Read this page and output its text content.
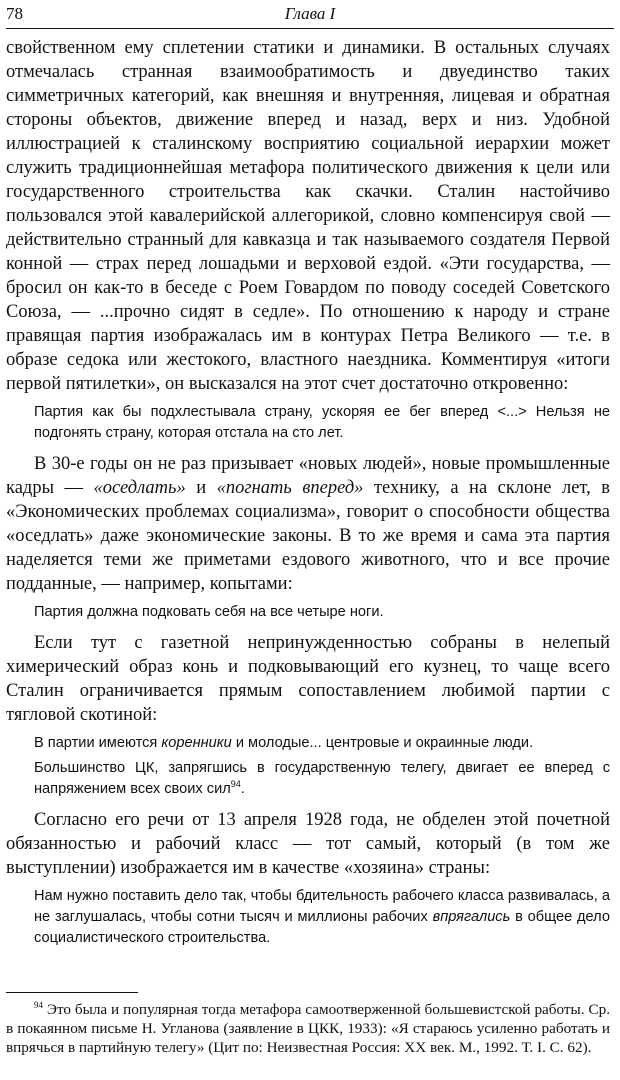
78	Глава I

свойственном ему сплетении статики и динамики. В остальных случаях отмечалась странная взаимообратимость и двуединство таких симметричных категорий, как внешняя и внутренняя, лицевая и обратная стороны объектов, движение вперед и назад, верх и низ. Удобной иллюстрацией к сталинскому восприятию социальной иерархии может служить традиционнейшая метафора политического движения к цели или государственного строительства как скачки. Сталин настойчиво пользовался этой кавалерийской аллегорикой, словно компенсируя свой — действительно странный для кавказца и так называемого создателя Первой конной — страх перед лошадьми и верховой ездой. «Эти государства, — бросил он как-то в беседе с Роем Говардом по поводу соседей Советского Союза, — ...прочно сидят в седле». По отношению к народу и стране правящая партия изображалась им в контурах Петра Великого — т.е. в образе седока или жестокого, властного наездника. Комментируя «итоги первой пятилетки», он высказался на этот счет достаточно откровенно:

Партия как бы подхлестывала страну, ускоряя ее бег вперед <...> Нельзя не подгонять страну, которая отстала на сто лет.

В 30-е годы он не раз призывает «новых людей», новые промышленные кадры — «оседлать» и «погнать вперед» технику, а на склоне лет, в «Экономических проблемах социализма», говорит о способности общества «оседлать» даже экономические законы. В то же время и сама эта партия наделяется теми же приметами ездового животного, что и все прочие подданные, — например, копытами:

Партия должна подковать себя на все четыре ноги.

Если тут с газетной непринужденностью собраны в нелепый химерический образ конь и подковывающий его кузнец, то чаще всего Сталин ограничивается прямым сопоставлением любимой партии с тягловой скотиной:

В партии имеются коренники и молодые... центровые и окраинные люди.

Большинство ЦК, запрягшись в государственную телегу, двигает ее вперед с напряжением всех своих сил$^{94}$.

Согласно его речи от 13 апреля 1928 года, не обделен этой почетной обязанностью и рабочий класс — тот самый, который (в том же выступлении) изображается им в качестве «хозяина» страны:

Нам нужно поставить дело так, чтобы бдительность рабочего класса развивалась, а не заглушалась, чтобы сотни тысяч и миллионы рабочих впрягались в общее дело социалистического строительства.

$^{94}$ Это была и популярная тогда метафора самоотверженной большевистской работы. Ср. в покаянном письме Н. Угланова (заявление в ЦКК, 1933): «Я стараюсь усиленно работать и впрячься в партийную телегу» (Цит по: Неизвестная Россия: XX век. М., 1992. Т. I. С. 62).
